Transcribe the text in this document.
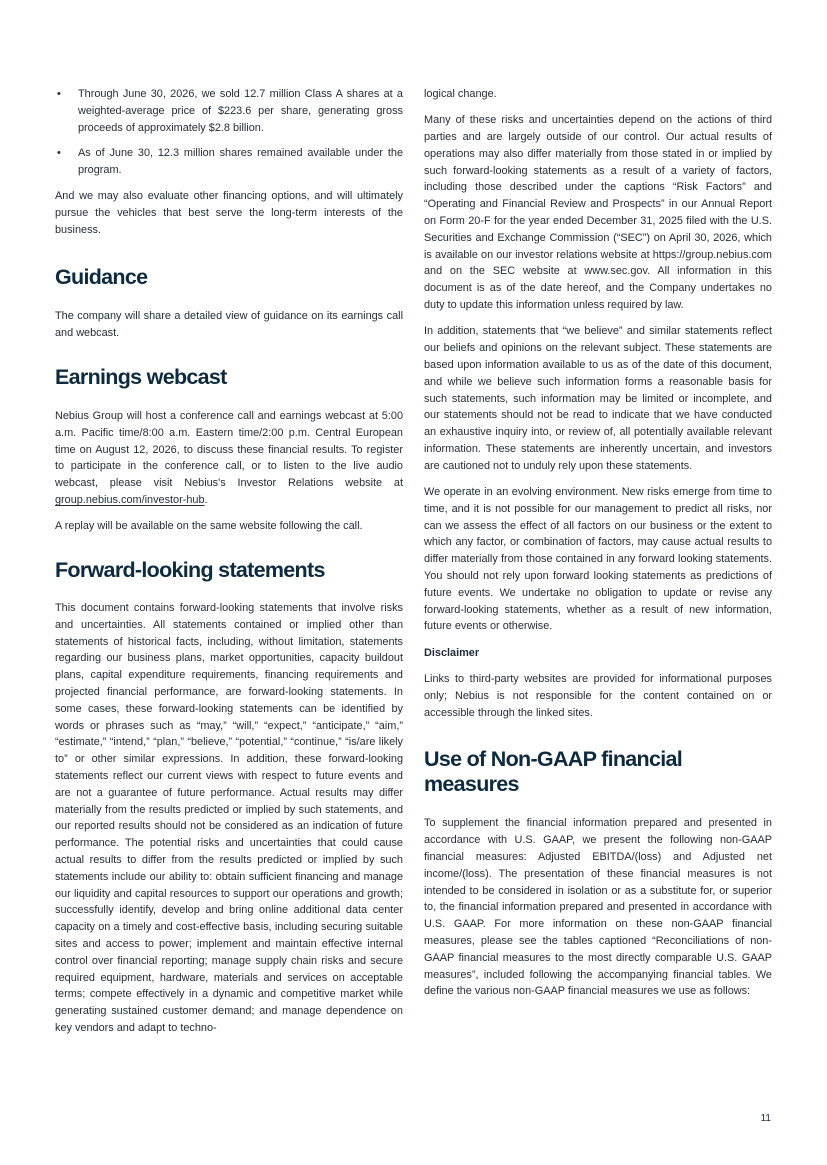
• Through June 30, 2026, we sold 12.7 million Class A shares at a weighted-average price of $223.6 per share, generating gross proceeds of approximately $2.8 billion.
• As of June 30, 12.3 million shares remained available under the program.

And we may also evaluate other financing options, and will ultimately pursue the vehicles that best serve the long-term interests of the business.

Guidance

The company will share a detailed view of guidance on its earnings call and webcast.

Earnings webcast

Nebius Group will host a conference call and earnings webcast at 5:00 a.m. Pacific time/8:00 a.m. Eastern time/2:00 p.m. Central European time on August 12, 2026, to discuss these financial results. To register to participate in the conference call, or to listen to the live audio webcast, please visit Nebius's Investor Relations website at group.nebius.com/investor-hub.

A replay will be available on the same website following the call.

Forward-looking statements

This document contains forward-looking statements that involve risks and uncertainties. All statements contained or implied other than statements of historical facts, including, without limitation, statements regarding our business plans, market opportunities, capacity buildout plans, capital expenditure requirements, financing requirements and projected financial performance, are forward-looking statements. In some cases, these forward-looking statements can be identified by words or phrases such as “may,” “will,” “expect,” “anticipate,” “aim,” “estimate,” “intend,” “plan,” “believe,” “potential,” “continue,” “is/are likely to” or other similar expressions. In addition, these forward-looking statements reflect our current views with respect to future events and are not a guarantee of future performance. Actual results may differ materially from the results predicted or implied by such statements, and our reported results should not be considered as an indication of future performance. The potential risks and uncertainties that could cause actual results to differ from the results predicted or implied by such statements include our ability to: obtain sufficient financing and manage our liquidity and capital resources to support our operations and growth; successfully identify, develop and bring online additional data center capacity on a timely and cost-effective basis, including securing suitable sites and access to power; implement and maintain effective internal control over financial reporting; manage supply chain risks and secure required equipment, hardware, materials and services on acceptable terms; compete effectively in a dynamic and competitive market while generating sustained customer demand; and manage dependence on key vendors and adapt to techno-

logical change.

Many of these risks and uncertainties depend on the actions of third parties and are largely outside of our control. Our actual results of operations may also differ materially from those stated in or implied by such forward-looking statements as a result of a variety of factors, including those described under the captions “Risk Factors” and “Operating and Financial Review and Prospects” in our Annual Report on Form 20-F for the year ended December 31, 2025 filed with the U.S. Securities and Exchange Commission (“SEC”) on April 30, 2026, which is available on our investor relations website at https://group.nebius.com and on the SEC website at www.sec.gov. All information in this document is as of the date hereof, and the Company undertakes no duty to update this information unless required by law.

In addition, statements that “we believe” and similar statements reflect our beliefs and opinions on the relevant subject. These statements are based upon information available to us as of the date of this document, and while we believe such information forms a reasonable basis for such statements, such information may be limited or incomplete, and our statements should not be read to indicate that we have conducted an exhaustive inquiry into, or review of, all potentially available relevant information. These statements are inherently uncertain, and investors are cautioned not to unduly rely upon these statements.

We operate in an evolving environment. New risks emerge from time to time, and it is not possible for our management to predict all risks, nor can we assess the effect of all factors on our business or the extent to which any factor, or combination of factors, may cause actual results to differ materially from those contained in any forward looking statements. You should not rely upon forward looking statements as predictions of future events. We undertake no obligation to update or revise any forward-looking statements, whether as a result of new information, future events or otherwise.

Disclaimer

Links to third-party websites are provided for informational purposes only; Nebius is not responsible for the content contained on or accessible through the linked sites.

Use of Non-GAAP financial measures

To supplement the financial information prepared and presented in accordance with U.S. GAAP, we present the following non-GAAP financial measures: Adjusted EBITDA/(loss) and Adjusted net income/(loss). The presentation of these financial measures is not intended to be considered in isolation or as a substitute for, or superior to, the financial information prepared and presented in accordance with U.S. GAAP. For more information on these non-GAAP financial measures, please see the tables captioned “Reconciliations of non-GAAP financial measures to the most directly comparable U.S. GAAP measures”, included following the accompanying financial tables. We define the various non-GAAP financial measures we use as follows:

11
